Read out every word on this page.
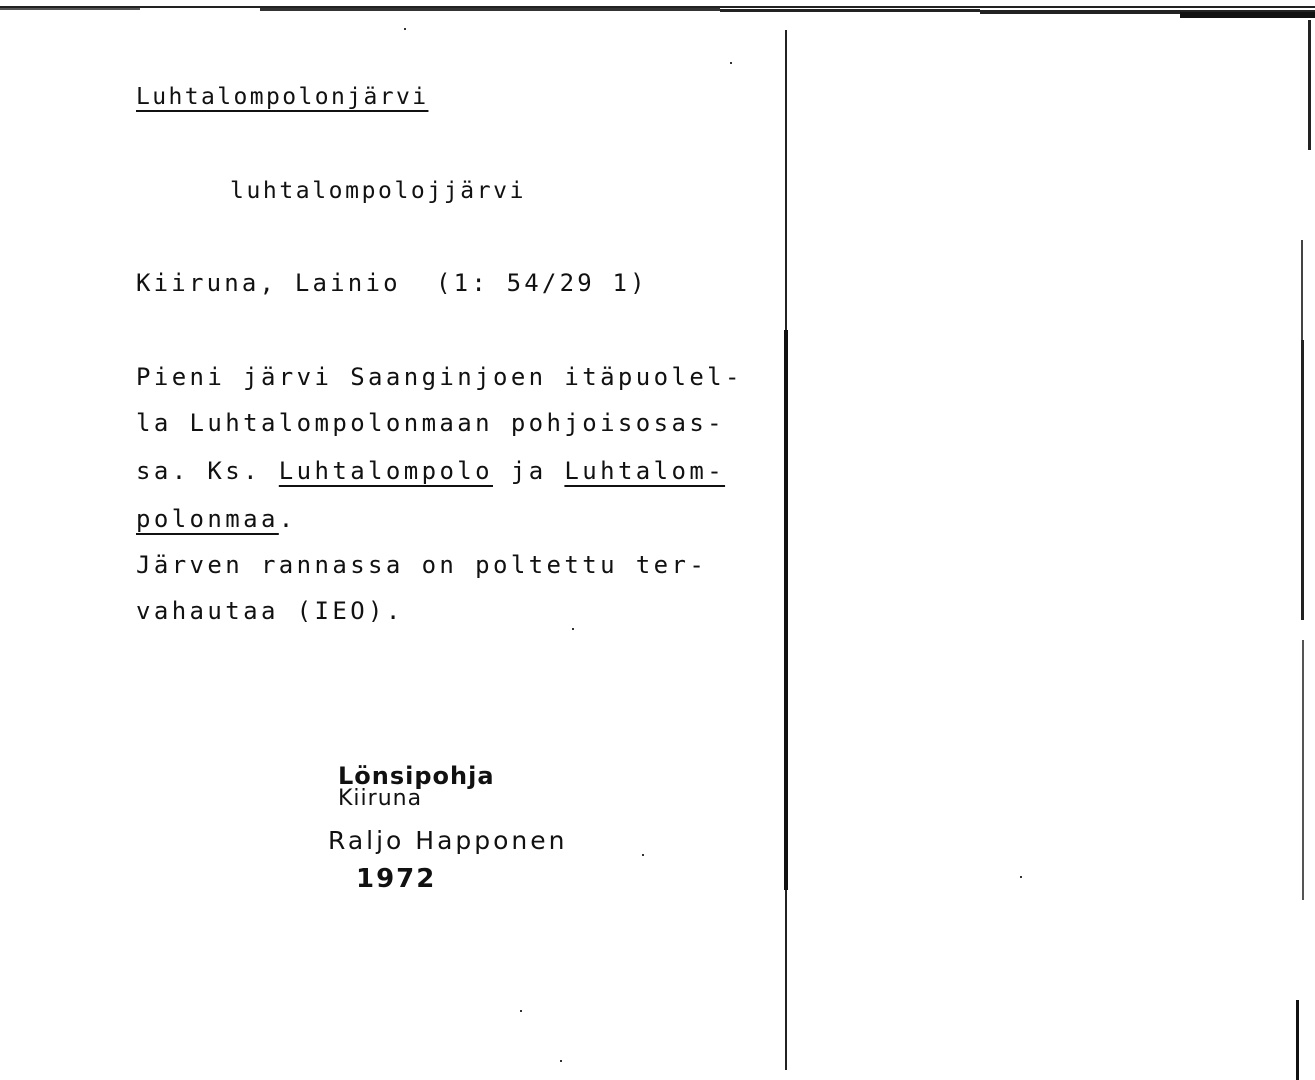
Luhtalompolonjärvi
luhtalompolojjärvi
Kiiruna, Lainio  (1: 54/29 1)
Pieni järvi Saanginjoen itäpuolel-
la Luhtalompolonmaan pohjoisosas-
sa. Ks. Luhtalompolo ja Luhtalom-
polonmaa.
Järven rannassa on poltettu ter-
vahautaa (IEO).
Lönsipohja
Kiiruna
Raljo Happonen
1972
